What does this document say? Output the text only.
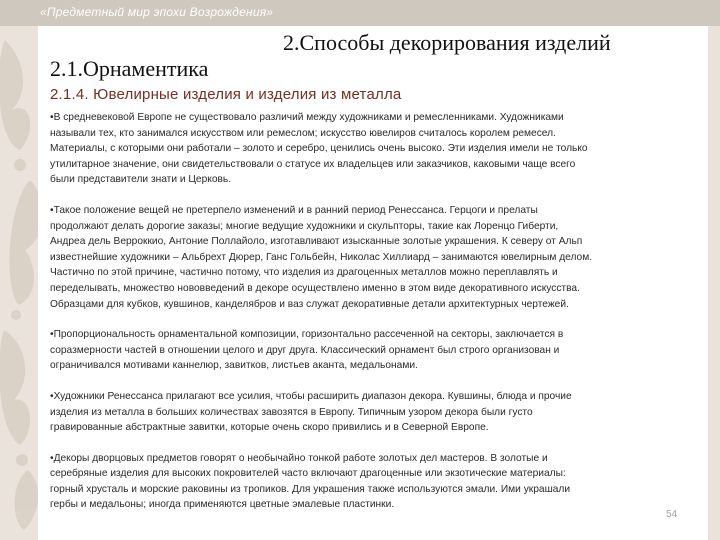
«Предметный мир эпохи Возрождения»
2.Способы декорирования изделий
2.1.Орнаментика
2.1.4. Ювелирные изделия и изделия из металла

•В средневековой Европе не существовало различий между художниками и ремесленниками. Художниками
называли тех, кто занимался искусством или ремеслом; искусство ювелиров считалось королем ремесел.
Материалы, с которыми они работали – золото и серебро, ценились очень высоко. Эти изделия имели не только
утилитарное значение, они свидетельствовали о статусе их владельцев или заказчиков, каковыми чаще всего
были представители знати и Церковь.

•Такое положение вещей не претерпело изменений и в ранний период Ренессанса. Герцоги и прелаты
продолжают делать дорогие заказы; многие ведущие художники и скульпторы, такие как Лоренцо Гиберти,
Андреа дель Верроккио, Антоние Поллайоло, изготавливают изысканные золотые украшения. К северу от Альп
известнейшие художники – Альбрехт Дюрер, Ганс Гольбейн, Николас Хиллиард – занимаются ювелирным делом.
Частично по этой причине, частично потому, что изделия из драгоценных металлов можно переплавлять и
переделывать, множество нововведений в декоре осуществлено именно в этом виде декоративного искусства.
Образцами для кубков, кувшинов, канделябров и ваз служат декоративные детали архитектурных чертежей.

•Пропорциональность орнаментальной композиции, горизонтально рассеченной на секторы, заключается в
соразмерности частей в отношении целого и друг друга. Классический орнамент был строго организован и
ограничивался мотивами каннелюр, завитков, листьев аканта, медальонами.

•Художники Ренессанса прилагают все усилия, чтобы расширить диапазон декора. Кувшины, блюда и прочие
изделия из металла в больших количествах завозятся в Европу. Типичным узором декора были густо
гравированные абстрактные завитки, которые очень скоро привились и в Северной Европе.

•Декоры дворцовых предметов говорят о необычайно тонкой работе золотых дел мастеров. В золотые и
серебряные изделия для высоких покровителей часто включают драгоценные или экзотические материалы:
горный хрусталь и морские раковины из тропиков. Для украшения также используются эмали. Ими украшали
гербы и медальоны; иногда применяются цветные эмалевые пластинки.

54
